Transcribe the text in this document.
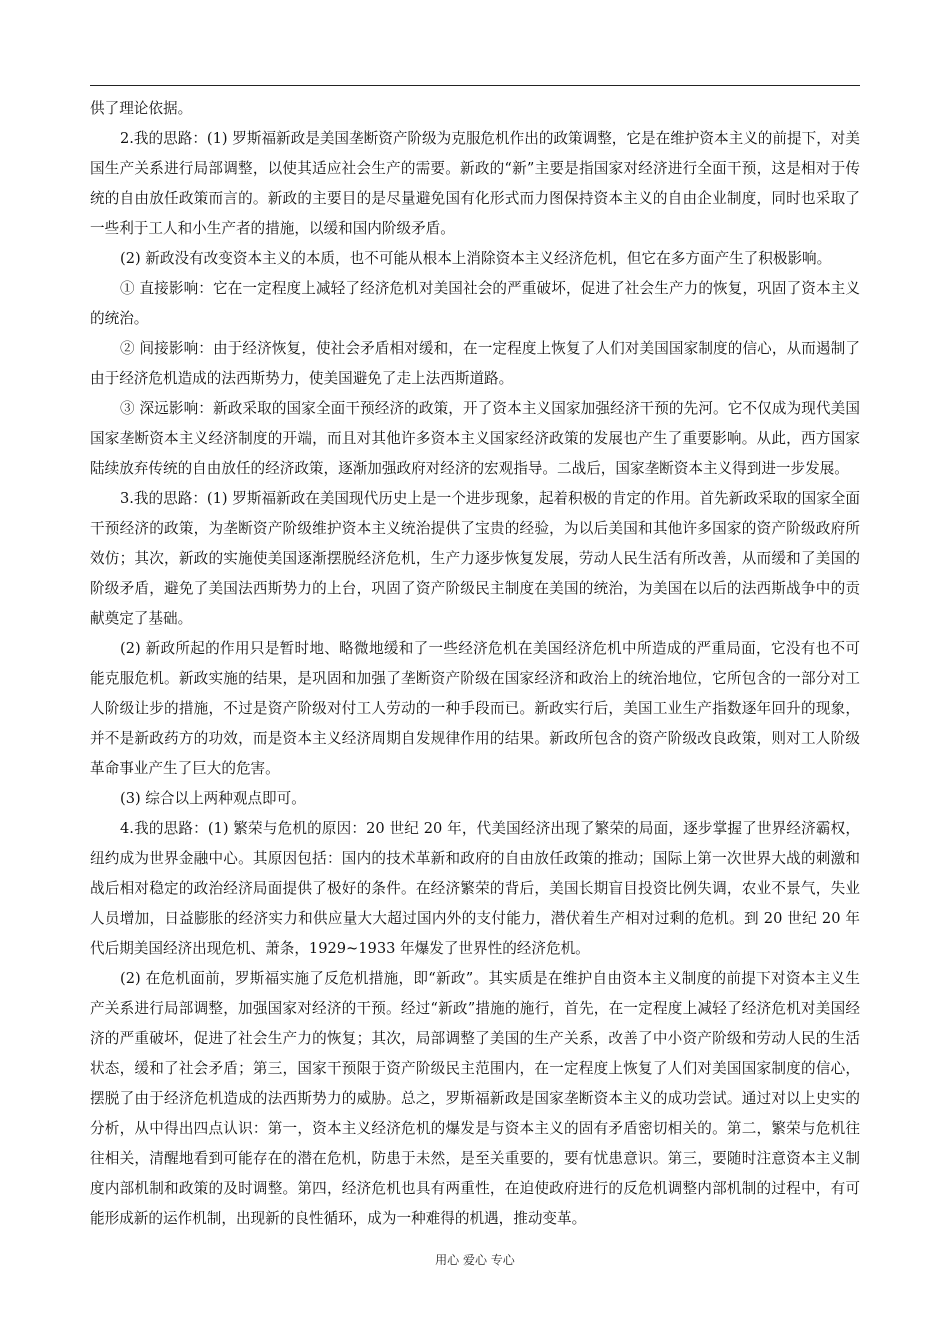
供了理论依据。

2.我的思路：(1) 罗斯福新政是美国垄断资产阶级为克服危机作出的政策调整，它是在维护资本主义的前提下，对美国生产关系进行局部调整，以使其适应社会生产的需要。新政的“新”主要是指国家对经济进行全面干预，这是相对于传统的自由放任政策而言的。新政的主要目的是尽量避免国有化形式而力图保持资本主义的自由企业制度，同时也采取了一些利于工人和小生产者的措施，以缓和国内阶级矛盾。

(2) 新政没有改变资本主义的本质，也不可能从根本上消除资本主义经济危机，但它在多方面产生了积极影响。

① 直接影响：它在一定程度上减轻了经济危机对美国社会的严重破坏，促进了社会生产力的恢复，巩固了资本主义的统治。

② 间接影响：由于经济恢复，使社会矛盾相对缓和，在一定程度上恢复了人们对美国国家制度的信心，从而遏制了由于经济危机造成的法西斯势力，使美国避免了走上法西斯道路。

③ 深远影响：新政采取的国家全面干预经济的政策，开了资本主义国家加强经济干预的先河。它不仅成为现代美国国家垄断资本主义经济制度的开端，而且对其他许多资本主义国家经济政策的发展也产生了重要影响。从此，西方国家陆续放弃传统的自由放任的经济政策，逐渐加强政府对经济的宏观指导。二战后，国家垄断资本主义得到进一步发展。

3.我的思路：(1) 罗斯福新政在美国现代历史上是一个进步现象，起着积极的肯定的作用。首先新政采取的国家全面干预经济的政策，为垄断资产阶级维护资本主义统治提供了宝贵的经验，为以后美国和其他许多国家的资产阶级政府所效仿；其次，新政的实施使美国逐渐摆脱经济危机，生产力逐步恢复发展，劳动人民生活有所改善，从而缓和了美国的阶级矛盾，避免了美国法西斯势力的上台，巩固了资产阶级民主制度在美国的统治，为美国在以后的法西斯战争中的贡献奠定了基础。

(2) 新政所起的作用只是暂时地、略微地缓和了一些经济危机在美国经济危机中所造成的严重局面，它没有也不可能克服危机。新政实施的结果，是巩固和加强了垄断资产阶级在国家经济和政治上的统治地位，它所包含的一部分对工人阶级让步的措施，不过是资产阶级对付工人劳动的一种手段而已。新政实行后，美国工业生产指数逐年回升的现象，并不是新政药方的功效，而是资本主义经济周期自发规律作用的结果。新政所包含的资产阶级改良政策，则对工人阶级革命事业产生了巨大的危害。

(3) 综合以上两种观点即可。

4.我的思路：(1) 繁荣与危机的原因：20 世纪 20 年，代美国经济出现了繁荣的局面，逐步掌握了世界经济霸权，纽约成为世界金融中心。其原因包括：国内的技术革新和政府的自由放任政策的推动；国际上第一次世界大战的刺激和战后相对稳定的政治经济局面提供了极好的条件。在经济繁荣的背后，美国长期盲目投资比例失调，农业不景气，失业人员增加，日益膨胀的经济实力和供应量大大超过国内外的支付能力，潜伏着生产相对过剩的危机。到 20 世纪 20 年代后期美国经济出现危机、萧条，1929~1933 年爆发了世界性的经济危机。

(2) 在危机面前，罗斯福实施了反危机措施，即“新政”。其实质是在维护自由资本主义制度的前提下对资本主义生产关系进行局部调整，加强国家对经济的干预。经过“新政”措施的施行，首先，在一定程度上减轻了经济危机对美国经济的严重破坏，促进了社会生产力的恢复；其次，局部调整了美国的生产关系，改善了中小资产阶级和劳动人民的生活状态，缓和了社会矛盾；第三，国家干预限于资产阶级民主范围内，在一定程度上恢复了人们对美国国家制度的信心，摆脱了由于经济危机造成的法西斯势力的威胁。总之，罗斯福新政是国家垄断资本主义的成功尝试。通过对以上史实的分析，从中得出四点认识：第一，资本主义经济危机的爆发是与资本主义的固有矛盾密切相关的。第二，繁荣与危机往往相关，清醒地看到可能存在的潜在危机，防患于未然，是至关重要的，要有忧患意识。第三，要随时注意资本主义制度内部机制和政策的及时调整。第四，经济危机也具有两重性，在迫使政府进行的反危机调整内部机制的过程中，有可能形成新的运作机制，出现新的良性循环，成为一种难得的机遇，推动变革。

用心 爱心 专心
